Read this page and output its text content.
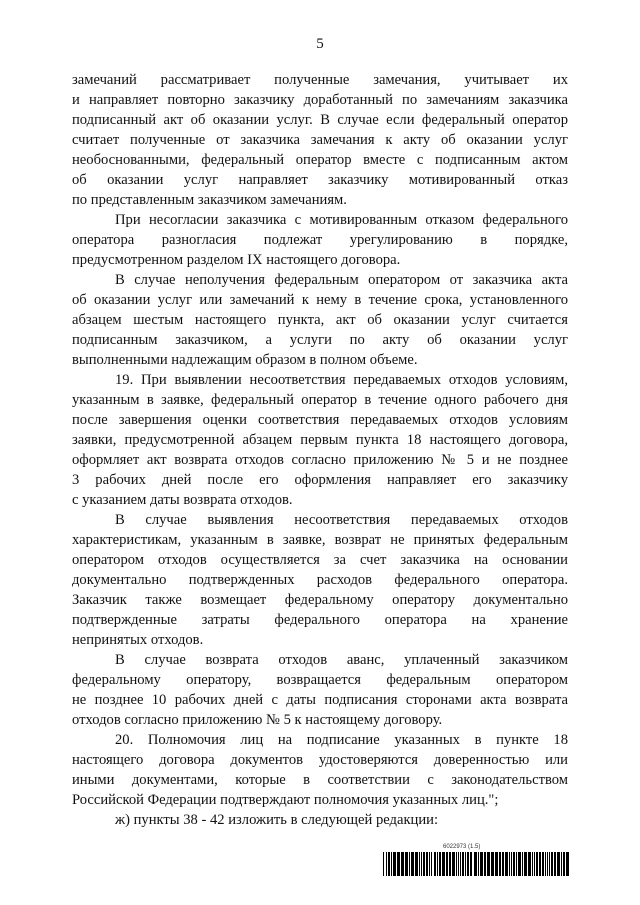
5
замечаний рассматривает полученные замечания, учитывает их
и направляет повторно заказчику доработанный по замечаниям заказчика
подписанный акт об оказании услуг. В случае если федеральный оператор
считает полученные от заказчика замечания к акту об оказании услуг
необоснованными, федеральный оператор вместе с подписанным актом
об оказании услуг направляет заказчику мотивированный отказ
по представленным заказчиком замечаниям.
При несогласии заказчика с мотивированным отказом федерального
оператора разногласия подлежат урегулированию в порядке,
предусмотренном разделом IX настоящего договора.
В случае неполучения федеральным оператором от заказчика акта
об оказании услуг или замечаний к нему в течение срока, установленного
абзацем шестым настоящего пункта, акт об оказании услуг считается
подписанным заказчиком, а услуги по акту об оказании услуг
выполненными надлежащим образом в полном объеме.
19. При выявлении несоответствия передаваемых отходов условиям,
указанным в заявке, федеральный оператор в течение одного рабочего дня
после завершения оценки соответствия передаваемых отходов условиям
заявки, предусмотренной абзацем первым пункта 18 настоящего договора,
оформляет акт возврата отходов согласно приложению № 5 и не позднее
3 рабочих дней после его оформления направляет его заказчику
с указанием даты возврата отходов.
В случае выявления несоответствия передаваемых отходов
характеристикам, указанным в заявке, возврат не принятых федеральным
оператором отходов осуществляется за счет заказчика на основании
документально подтвержденных расходов федерального оператора.
Заказчик также возмещает федеральному оператору документально
подтвержденные затраты федерального оператора на хранение
непринятых отходов.
В случае возврата отходов аванс, уплаченный заказчиком
федеральному оператору, возвращается федеральным оператором
не позднее 10 рабочих дней с даты подписания сторонами акта возврата
отходов согласно приложению № 5 к настоящему договору.
20. Полномочия лиц на подписание указанных в пункте 18
настоящего договора документов удостоверяются доверенностью или
иными документами, которые в соответствии с законодательством
Российской Федерации подтверждают полномочия указанных лиц.";
ж) пункты 38 - 42 изложить в следующей редакции:
6022973 (1.5)
